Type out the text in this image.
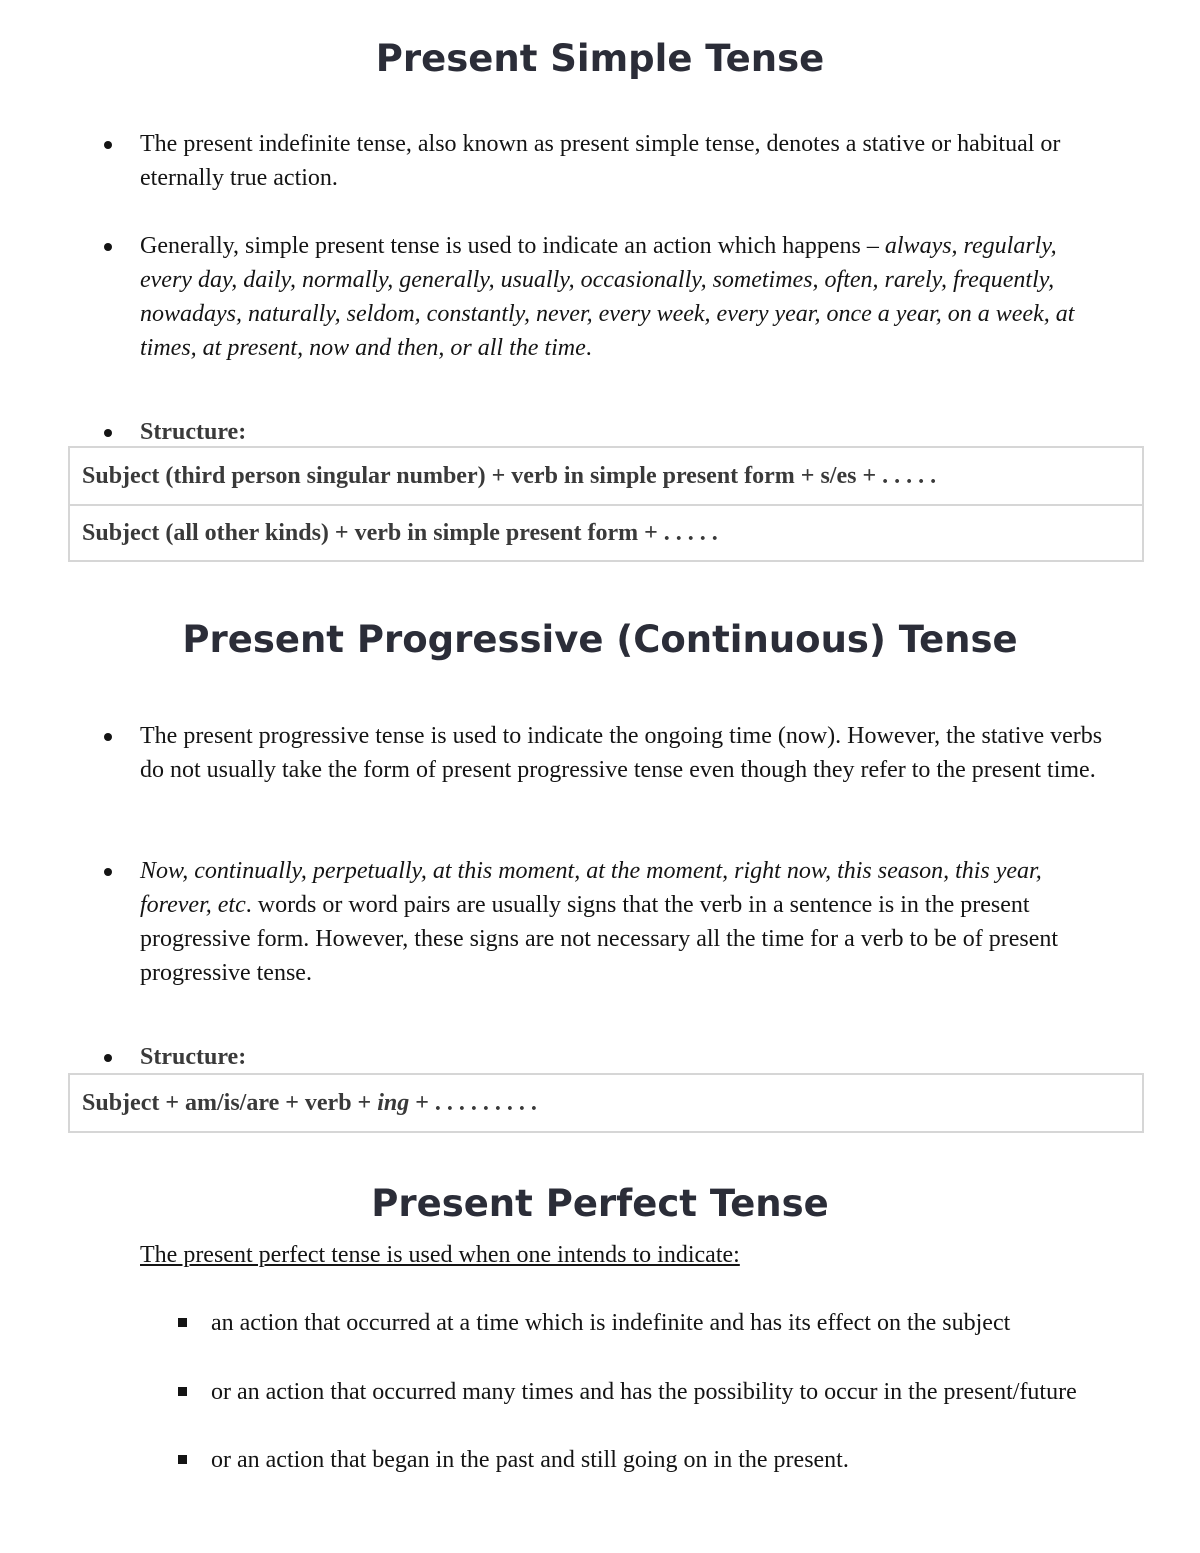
Present Simple Tense
The present indefinite tense, also known as present simple tense, denotes a stative or habitual or eternally true action.
Generally, simple present tense is used to indicate an action which happens – always, regularly, every day, daily, normally, generally, usually, occasionally, sometimes, often, rarely, frequently, nowadays, naturally, seldom, constantly, never, every week, every year, once a year, on a week, at times, at present, now and then, or all the time.
Structure:
Subject (third person singular number) + verb in simple present form + s/es + . . . . .
Subject (all other kinds) + verb in simple present form + . . . . .
Present Progressive (Continuous) Tense
The present progressive tense is used to indicate the ongoing time (now). However, the stative verbs do not usually take the form of present progressive tense even though they refer to the present time.
Now, continually, perpetually, at this moment, at the moment, right now, this season, this year, forever, etc. words or word pairs are usually signs that the verb in a sentence is in the present progressive form. However, these signs are not necessary all the time for a verb to be of present progressive tense.
Structure:
Subject + am/is/are + verb + ing + . . . . . . . . .
Present Perfect Tense
The present perfect tense is used when one intends to indicate:
an action that occurred at a time which is indefinite and has its effect on the subject
or an action that occurred many times and has the possibility to occur in the present/future
or an action that began in the past and still going on in the present.
